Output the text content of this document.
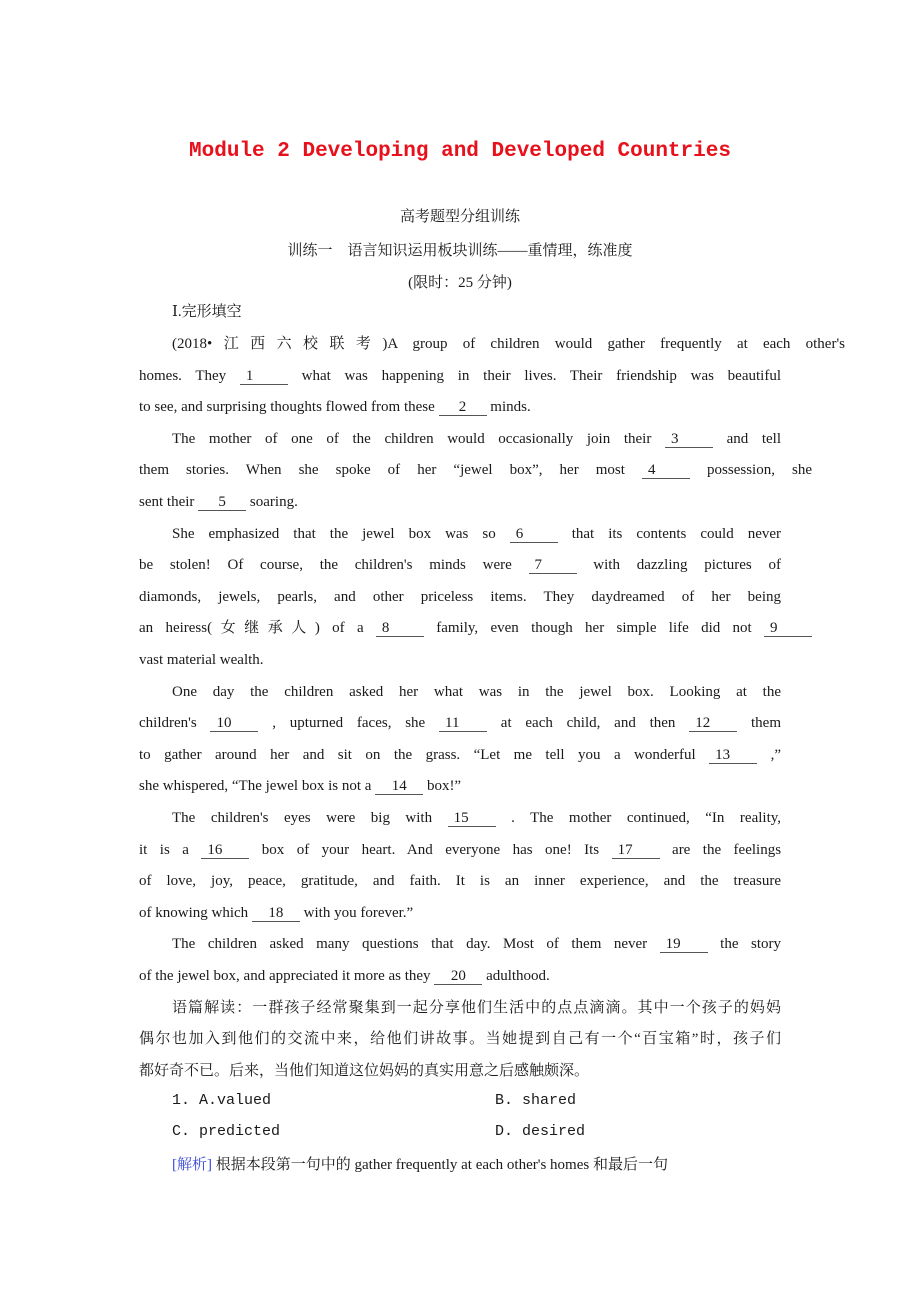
Module 2 Developing and Developed Countries
高考题型分组训练
训练一　语言知识运用板块训练——重情理，练准度
(限时：25 分钟)
Ⅰ.完形填空
(2018•江西六校联考)A group of children would gather frequently at each other's
homes. They 1	what was happening in their lives. Their friendship was beautiful
to see, and surprising thoughts flowed from these 2 minds.
The mother of one of the children would occasionally join their 3	and tell
them stories. When she spoke of her “jewel box”, her most 4	possession, she
sent their 5 soaring.
She emphasized that the jewel box was so 6	that its contents could never
be stolen! Of course, the children's minds were 7	with dazzling pictures of
diamonds, jewels, pearls, and other priceless items. They daydreamed of her being
an heiress(女继承人) of a 8	family, even though her simple life did not 9
vast material wealth.
One day the children asked her what was in the jewel box. Looking at the
children's 10	, upturned faces, she 11	at each child, and then 12	them
to gather around her and sit on the grass. “Let me tell you a wonderful 13	,”
she whispered, “The jewel box is not a 14 box!”
The children's eyes were big with 15	. The mother continued, “In reality,
it is a 16	box of your heart. And everyone has one! Its 17	are the feelings
of love, joy, peace, gratitude, and faith. It is an inner experience, and the treasure
of knowing which 18 with you forever.”
The children asked many questions that day. Most of them never 19	the story
of the jewel box, and appreciated it more as they 20 adulthood.
语篇解读：一群孩子经常聚集到一起分享他们生活中的点点滴滴。其中一个孩子的妈妈
偶尔也加入到他们的交流中来，给他们讲故事。当她提到自己有一个“百宝箱”时，孩子们
都好奇不已。后来，当他们知道这位妈妈的真实用意之后感触颇深。
1. A.valued	B. shared
C. predicted	D. desired
[解析] 根据本段第一句中的 gather frequently at each other's homes 和最后一句
